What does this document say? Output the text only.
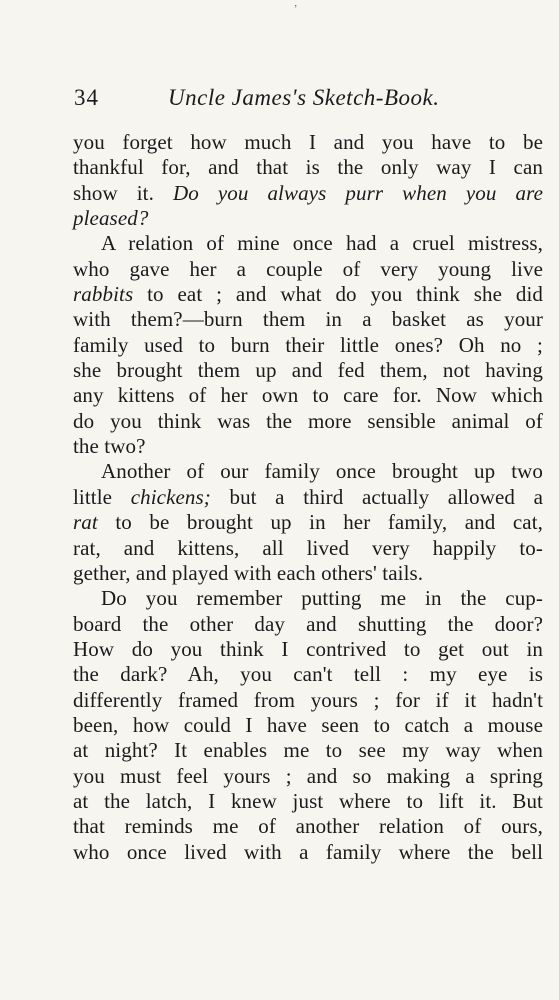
ʼ
34	Uncle James's Sketch-Book.
you forget how much I and you have to be
thankful for, and that is the only way I can
show it. Do you always purr when you are
pleased?
A relation of mine once had a cruel mistress,
who gave her a couple of very young live
rabbits to eat ; and what do you think she did
with them?—burn them in a basket as your
family used to burn their little ones? Oh no ;
she brought them up and fed them, not having
any kittens of her own to care for. Now which
do you think was the more sensible animal of
the two?
Another of our family once brought up two
little chickens; but a third actually allowed a
rat to be brought up in her family, and cat,
rat, and kittens, all lived very happily to-
gether, and played with each others' tails.
Do you remember putting me in the cup-
board the other day and shutting the door?
How do you think I contrived to get out in
the dark? Ah, you can't tell : my eye is
differently framed from yours ; for if it hadn't
been, how could I have seen to catch a mouse
at night? It enables me to see my way when
you must feel yours ; and so making a spring
at the latch, I knew just where to lift it. But
that reminds me of another relation of ours,
who once lived with a family where the bell
